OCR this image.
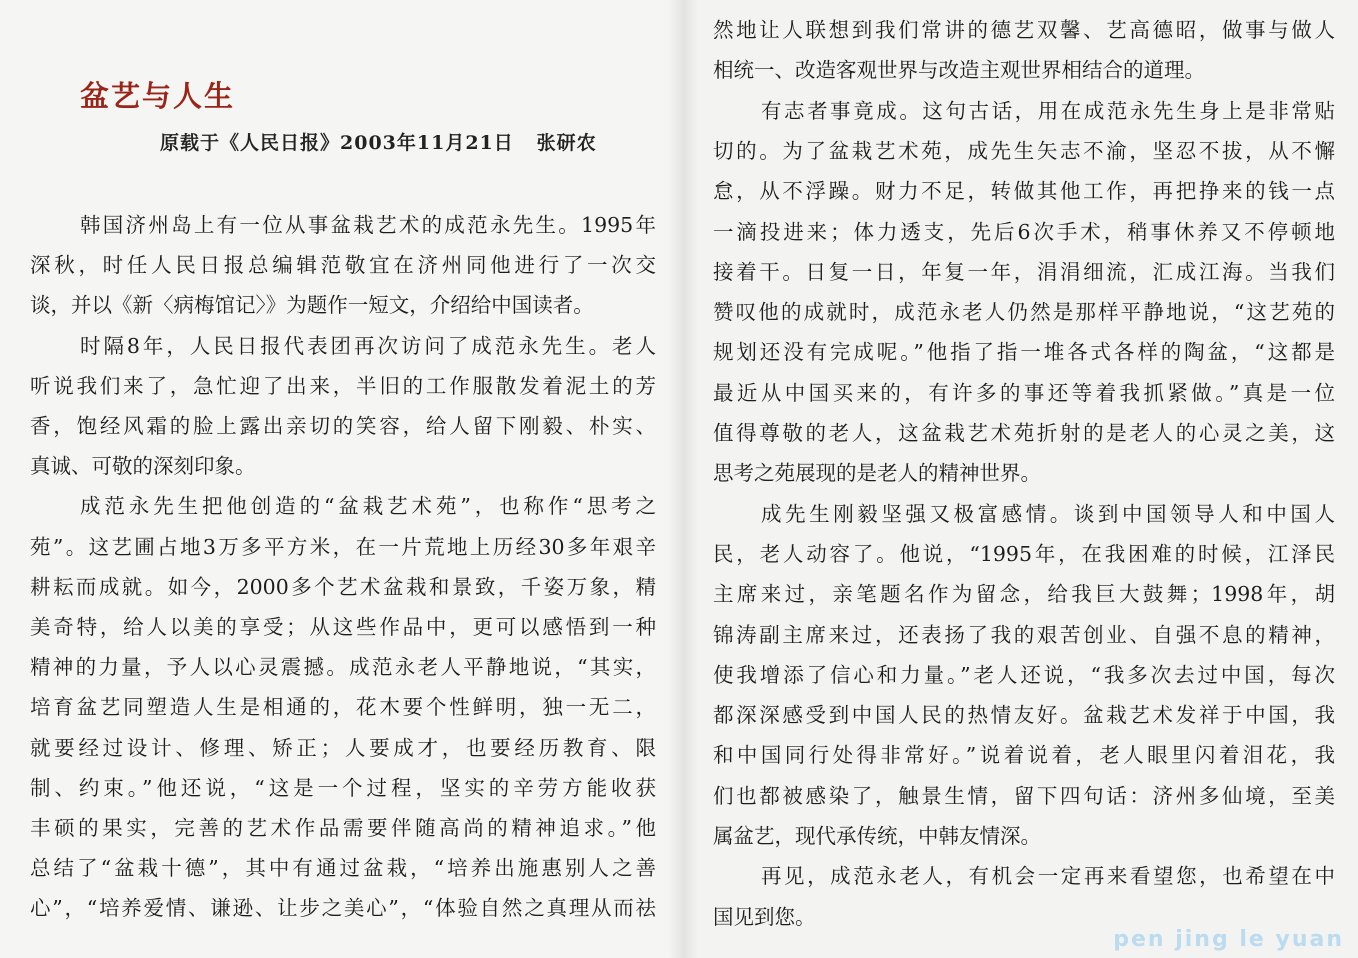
盆艺与人生
原载于《人民日报》2003年11月21日   张研农
韩国济州岛上有一位从事盆栽艺术的成范永先生。1995年
深秋，时任人民日报总编辑范敬宜在济州同他进行了一次交
谈，并以《新〈病梅馆记〉》为题作一短文，介绍给中国读者。
时隔8年，人民日报代表团再次访问了成范永先生。老人
听说我们来了，急忙迎了出来，半旧的工作服散发着泥土的芳
香，饱经风霜的脸上露出亲切的笑容，给人留下刚毅、朴实、
真诚、可敬的深刻印象。
成范永先生把他创造的“盆栽艺术苑”，也称作“思考之
苑”。这艺圃占地3万多平方米，在一片荒地上历经30多年艰辛
耕耘而成就。如今，2000多个艺术盆栽和景致，千姿万象，精
美奇特，给人以美的享受；从这些作品中，更可以感悟到一种
精神的力量，予人以心灵震撼。成范永老人平静地说，“其实，
培育盆艺同塑造人生是相通的，花木要个性鲜明，独一无二，
就要经过设计、修理、矫正；人要成才，也要经历教育、限
制、约束。”他还说，“这是一个过程，坚实的辛劳方能收获
丰硕的果实，完善的艺术作品需要伴随高尚的精神追求。”他
总结了“盆栽十德”，其中有通过盆栽，“培养出施惠别人之善
心”，“培养爱情、谦逊、让步之美心”，“体验自然之真理从而祛
然地让人联想到我们常讲的德艺双馨、艺高德昭，做事与做人
相统一、改造客观世界与改造主观世界相结合的道理。
有志者事竟成。这句古话，用在成范永先生身上是非常贴
切的。为了盆栽艺术苑，成先生矢志不渝，坚忍不拔，从不懈
怠，从不浮躁。财力不足，转做其他工作，再把挣来的钱一点
一滴投进来；体力透支，先后6次手术，稍事休养又不停顿地
接着干。日复一日，年复一年，涓涓细流，汇成江海。当我们
赞叹他的成就时，成范永老人仍然是那样平静地说，“这艺苑的
规划还没有完成呢。”他指了指一堆各式各样的陶盆，“这都是
最近从中国买来的，有许多的事还等着我抓紧做。”真是一位
值得尊敬的老人，这盆栽艺术苑折射的是老人的心灵之美，这
思考之苑展现的是老人的精神世界。
成先生刚毅坚强又极富感情。谈到中国领导人和中国人
民，老人动容了。他说，“1995年，在我困难的时候，江泽民
主席来过，亲笔题名作为留念，给我巨大鼓舞；1998年，胡
锦涛副主席来过，还表扬了我的艰苦创业、自强不息的精神，
使我增添了信心和力量。”老人还说，“我多次去过中国，每次
都深深感受到中国人民的热情友好。盆栽艺术发祥于中国，我
和中国同行处得非常好。”说着说着，老人眼里闪着泪花，我
们也都被感染了，触景生情，留下四句话：济州多仙境，至美
属盆艺，现代承传统，中韩友情深。
再见，成范永老人，有机会一定再来看望您，也希望在中
国见到您。
pen jing le yuan
